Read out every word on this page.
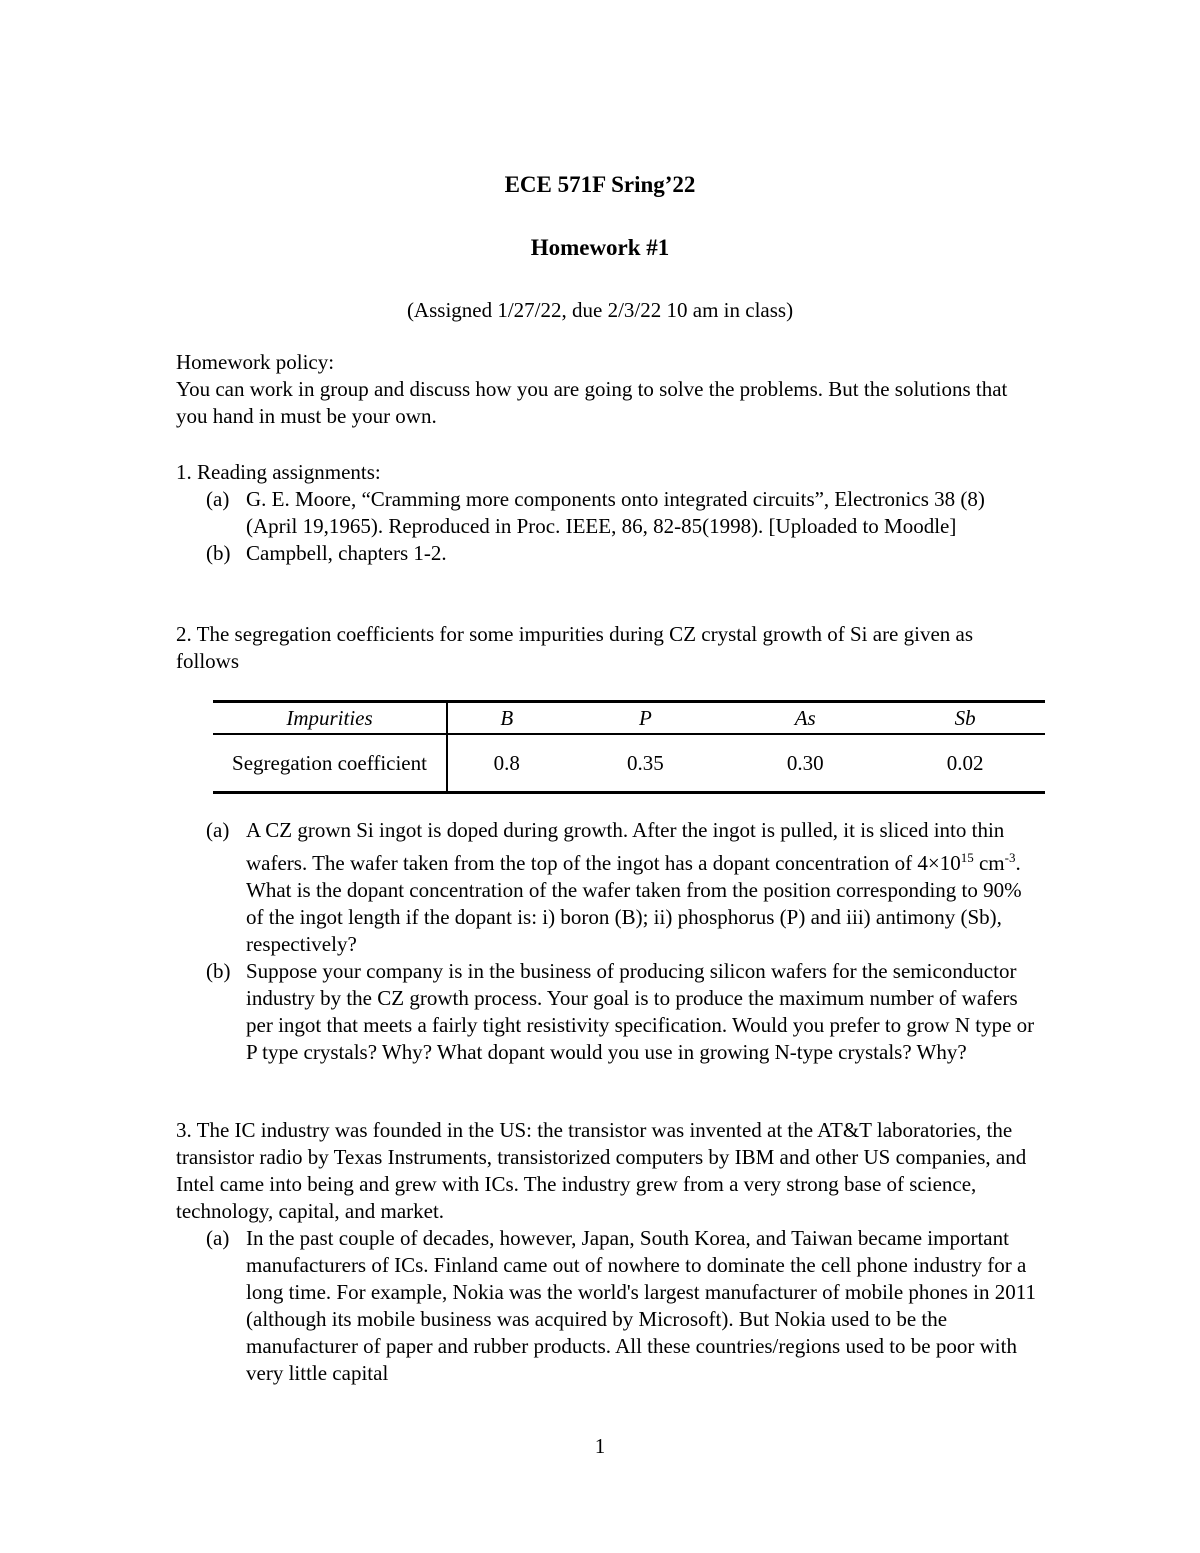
ECE 571F Sring’22

Homework #1

(Assigned 1/27/22, due 2/3/22 10 am in class)

Homework policy:

You can work in group and discuss how you are going to solve the problems. But the solutions that you hand in must be your own.

1. Reading assignments:

(a) G. E. Moore, “Cramming more components onto integrated circuits”, Electronics 38 (8) (April 19,1965). Reproduced in Proc. IEEE, 86, 82-85(1998). [Uploaded to Moodle]
(b) Campbell, chapters 1-2.

2. The segregation coefficients for some impurities during CZ crystal growth of Si are given as follows

Impurities	B	P	As	Sb
Segregation coefficient	0.8	0.35	0.30	0.02
(a) A CZ grown Si ingot is doped during growth. After the ingot is pulled, it is sliced into thin wafers. The wafer taken from the top of the ingot has a dopant concentration of $4\times 10^{15}$ $cm^{-3}$. What is the dopant concentration of the wafer taken from the position corresponding to 90% of the ingot length if the dopant is: i) boron (B); ii) phosphorus (P) and iii) antimony (Sb), respectively?
(b) Suppose your company is in the business of producing silicon wafers for the semiconductor industry by the CZ growth process. Your goal is to produce the maximum number of wafers per ingot that meets a fairly tight resistivity specification. Would you prefer to grow N type or P type crystals? Why? What dopant would you use in growing N-type crystals? Why?

3. The IC industry was founded in the US: the transistor was invented at the AT&T laboratories, the transistor radio by Texas Instruments, transistorized computers by IBM and other US companies, and Intel came into being and grew with ICs. The industry grew from a very strong base of science, technology, capital, and market.

(a) In the past couple of decades, however, Japan, South Korea, and Taiwan became important manufacturers of ICs. Finland came out of nowhere to dominate the cell phone industry for a long time. For example, Nokia was the world's largest manufacturer of mobile phones in 2011 (although its mobile business was acquired by Microsoft). But Nokia used to be the manufacturer of paper and rubber products. All these countries/regions used to be poor with very little capital

1
